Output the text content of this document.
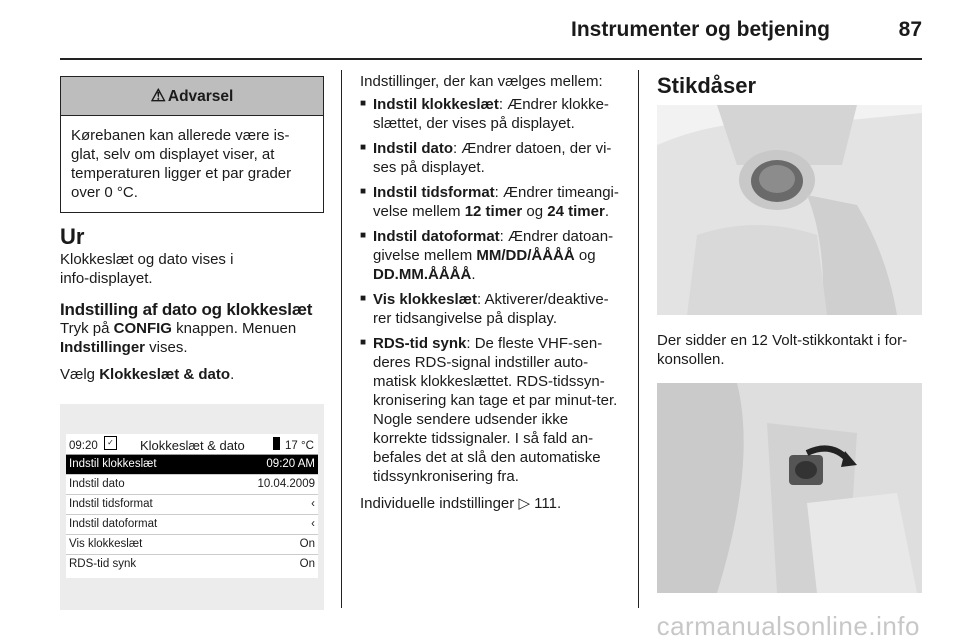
Instrumenter og betjening	87
⚠ Advarsel
Kørebanen kan allerede være is-glat, selv om displayet viser, at temperaturen ligger et par grader over 0 °C.
Ur

Klokkeslæt og dato vises i info-displayet.

Indstilling af dato og klokkeslæt

Tryk på CONFIG knappen. Menuen Indstillinger vises.

Vælg Klokkeslæt & dato.

09:20	✓ Klokkeslæt & dato	17 °C
Indstil klokkeslæt	09:20 AM
Indstil dato	10.04.2009
Indstil tidsformat	‹
Indstil datoformat	‹
Vis klokkeslæt	On
RDS-tid synk	On

Indstillinger, der kan vælges mellem:

■ Indstil klokkeslæt: Ændrer klokke-slættet, der vises på displayet.
■ Indstil dato: Ændrer datoen, der vi-ses på displayet.
■ Indstil tidsformat: Ændrer timeangi-velse mellem 12 timer og 24 timer.
■ Indstil datoformat: Ændrer datoan-givelse mellem MM/DD/ÅÅÅÅ og DD.MM.ÅÅÅÅ.
■ Vis klokkeslæt: Aktiverer/deaktive-rer tidsangivelse på display.
■ RDS-tid synk: De fleste VHF-sen-deres RDS-signal indstiller auto-matisk klokkeslættet. RDS-tidssyn-kronisering kan tage et par minut-ter. Nogle sendere udsender ikke korrekte tidssignaler. I så fald an-befales det at slå den automatiske tidssynkronisering fra.

Individuelle indstillinger ▷ 111.

Stikdåser

Der sidder en 12 Volt-stikkontakt i for-konsollen.

carmanualsonline.info
